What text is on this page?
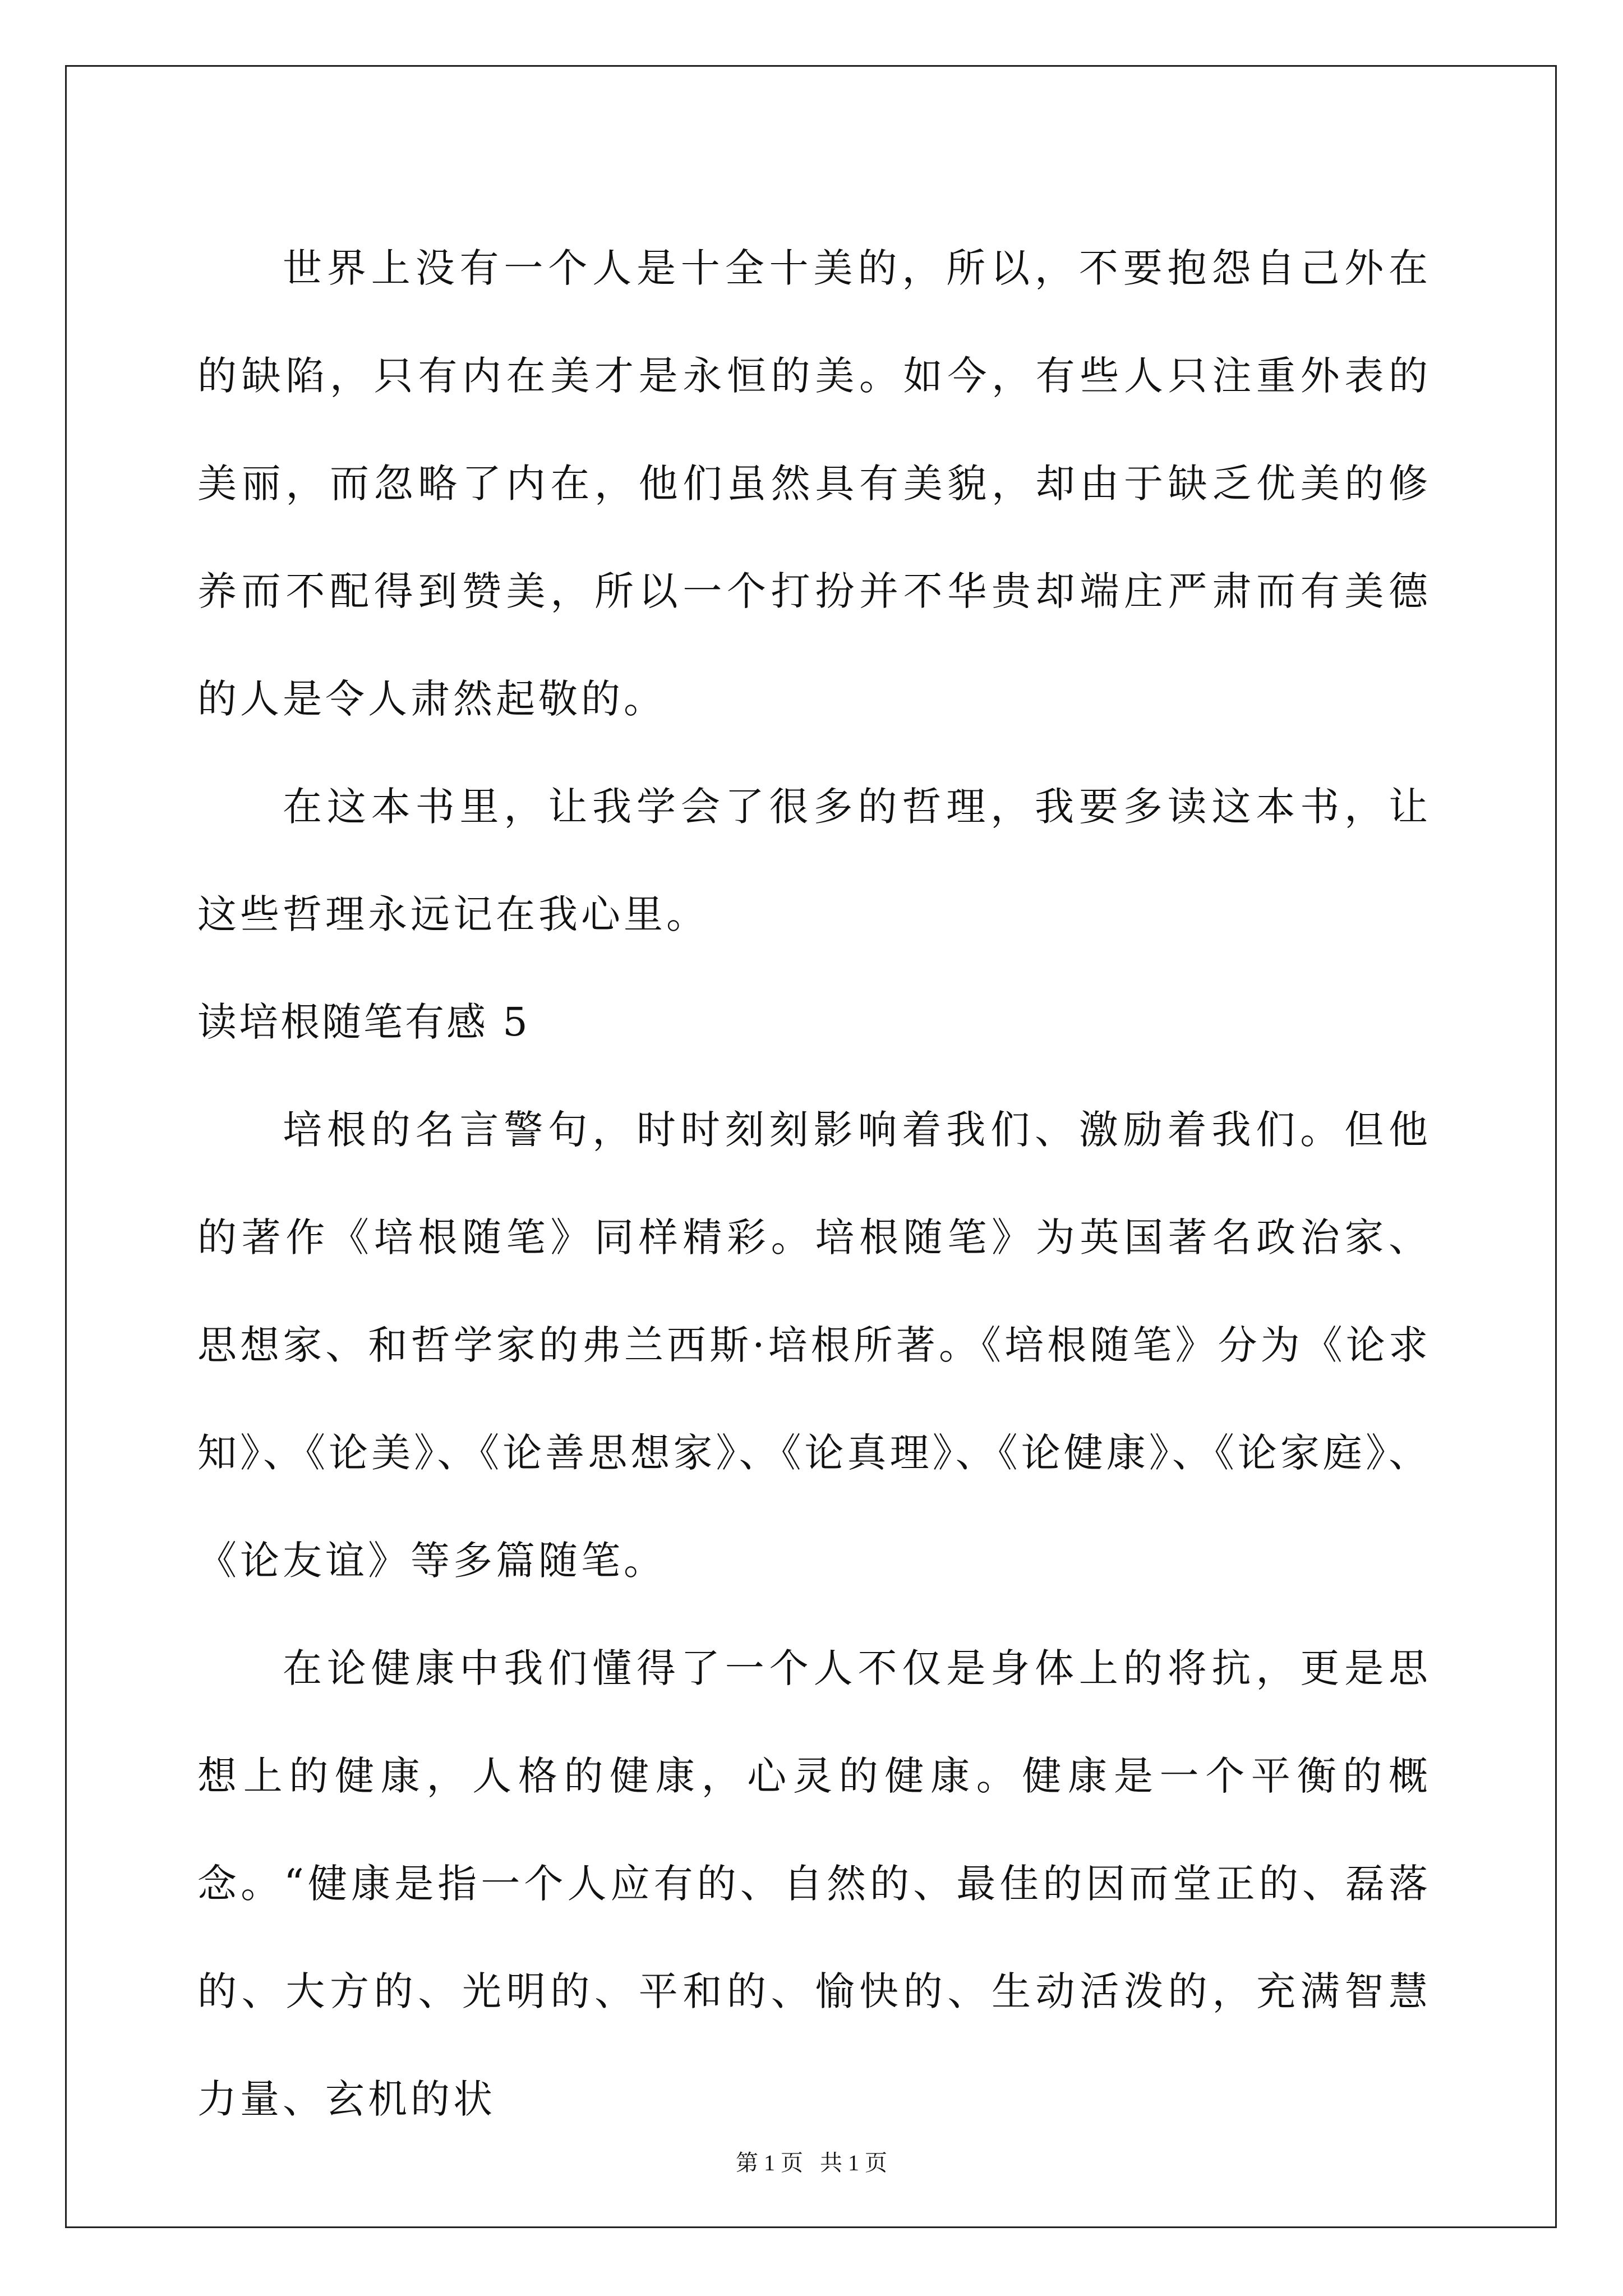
世界上没有一个人是十全十美的，所以，不要抱怨自己外在的缺陷，只有内在美才是永恒的美。如今，有些人只注重外表的美丽，而忽略了内在，他们虽然具有美貌，却由于缺乏优美的修养而不配得到赞美，所以一个打扮并不华贵却端庄严肃而有美德的人是令人肃然起敬的。

在这本书里，让我学会了很多的哲理，我要多读这本书，让这些哲理永远记在我心里。

读培根随笔有感 5

培根的名言警句，时时刻刻影响着我们、激励着我们。但他的著作《培根随笔》同样精彩。培根随笔》为英国著名政治家、思想家、和哲学家的弗兰西斯·培根所著。《培根随笔》分为《论求知》、《论美》、《论善思想家》、《论真理》、《论健康》、《论家庭》、《论友谊》等多篇随笔。

在论健康中我们懂得了一个人不仅是身体上的将抗，更是思想上的健康，人格的健康，心灵的健康。健康是一个平衡的概念。“健康是指一个人应有的、自然的、最佳的因而堂正的、磊落的、大方的、光明的、平和的、愉快的、生动活泼的，充满智慧力量、玄机的状

第 1 页 共 1 页
